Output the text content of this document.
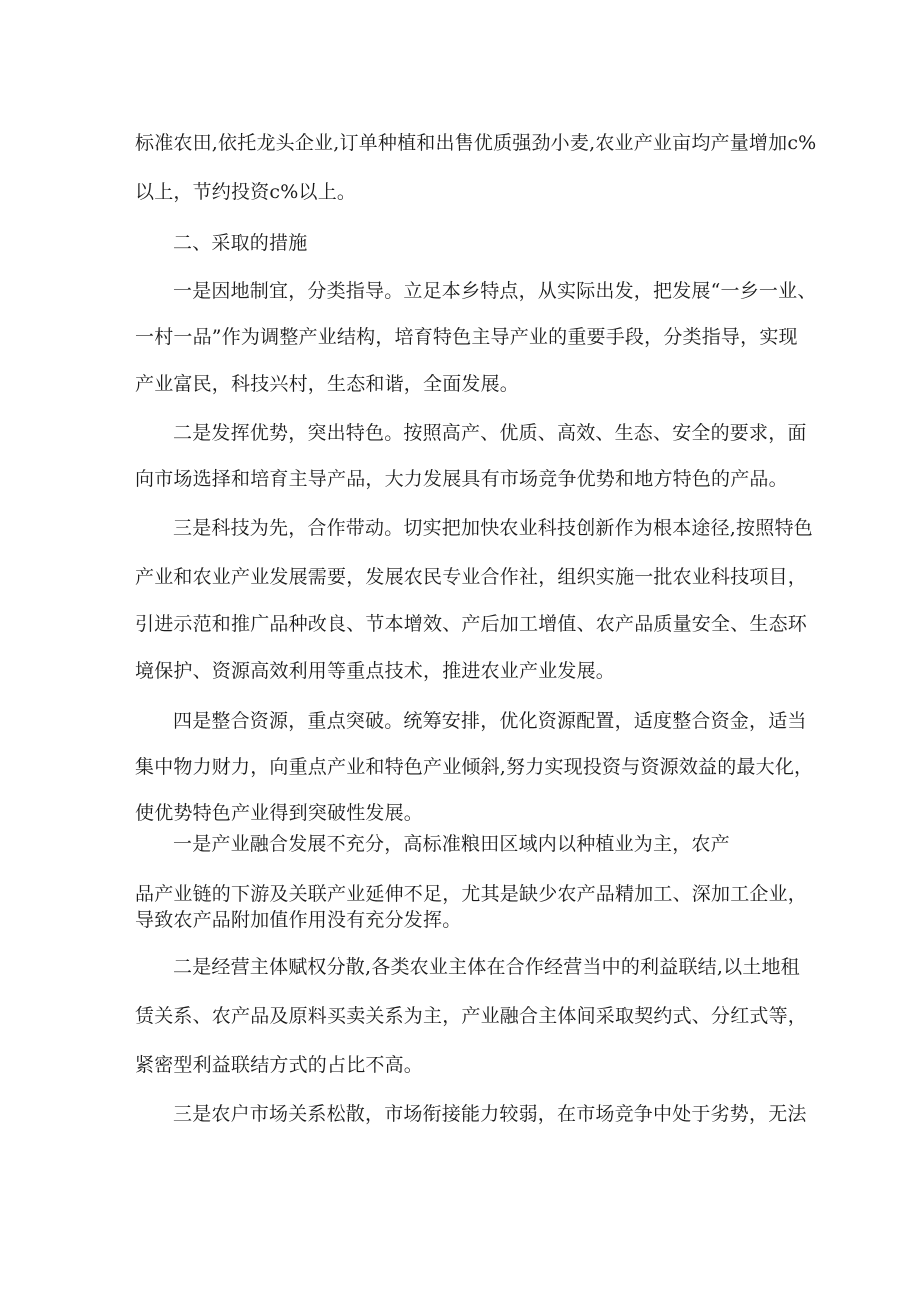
标准农田,依托龙头企业,订单种植和出售优质强劲小麦,农业产业亩均产量增加c%
以上，节约投资c%以上。
二、采取的措施
一是因地制宜，分类指导。立足本乡特点，从实际出发，把发展“一乡一业、
一村一品”作为调整产业结构，培育特色主导产业的重要手段，分类指导，实现
产业富民，科技兴村，生态和谐，全面发展。
二是发挥优势，突出特色。按照高产、优质、高效、生态、安全的要求，面
向市场选择和培育主导产品，大力发展具有市场竞争优势和地方特色的产品。
三是科技为先，合作带动。切实把加快农业科技创新作为根本途径,按照特色
产业和农业产业发展需要，发展农民专业合作社，组织实施一批农业科技项目，
引进示范和推广品种改良、节本增效、产后加工增值、农产品质量安全、生态环
境保护、资源高效利用等重点技术，推进农业产业发展。
四是整合资源，重点突破。统筹安排，优化资源配置，适度整合资金，适当
集中物力财力，向重点产业和特色产业倾斜,努力实现投资与资源效益的最大化，
使优势特色产业得到突破性发展。
一是产业融合发展不充分，高标准粮田区域内以种植业为主，农产
品产业链的下游及关联产业延伸不足，尤其是缺少农产品精加工、深加工企业，
导致农产品附加值作用没有充分发挥。
二是经营主体赋权分散,各类农业主体在合作经营当中的利益联结,以土地租
赁关系、农产品及原料买卖关系为主，产业融合主体间采取契约式、分红式等，
紧密型利益联结方式的占比不高。
三是农户市场关系松散，市场衔接能力较弱，在市场竞争中处于劣势，无法
